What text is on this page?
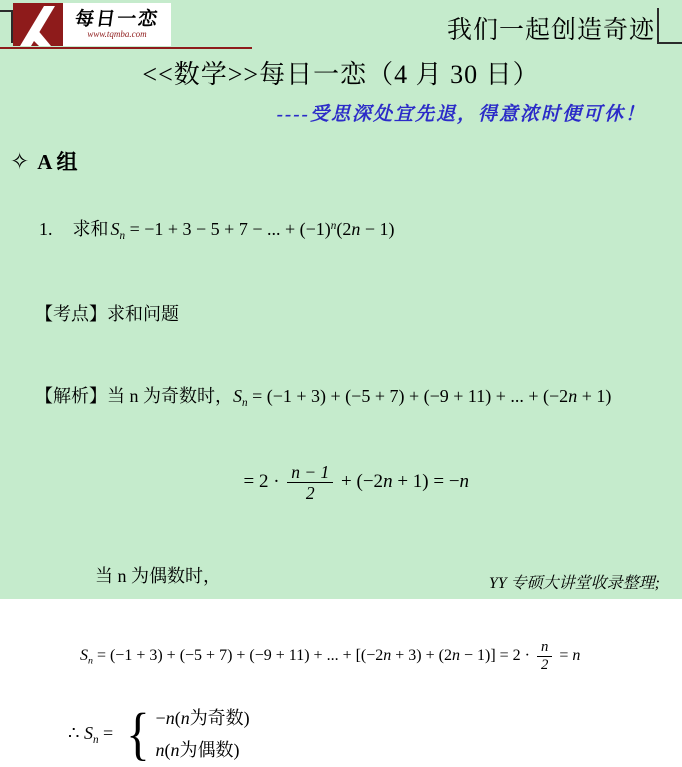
每日一恋
www.tqmba.com	我们一起创造奇迹
<<数学>>每日一恋（4 月 30 日）
----受思深处宜先退，得意浓时便可休！
✧ A 组

1. 求和 $S_n = -1 + 3 - 5 + 7$ − ... + $(-1)^n(2n - 1)$

【考点】求和问题

【解析】当 n 为奇数时，$S_n = (-1 + 3) + (-5 + 7) + (-9 + 11)$ + ... + (−2n + 1)

= $2 \cdot \frac{n - 1}{2} + (-2n + 1) = -n$

当 n 为偶数时，

$S_n = (-1 + 3) + (-5 + 7) + (-9 + 11)$ + ... + $[(-2n + 3) + (2n - 1)] = 2 \cdot \frac{n}{2} = n$

∴ $S_n$ = { −n(n为奇数)
n(n为偶数)
YY 专硕大讲堂收录整理;
